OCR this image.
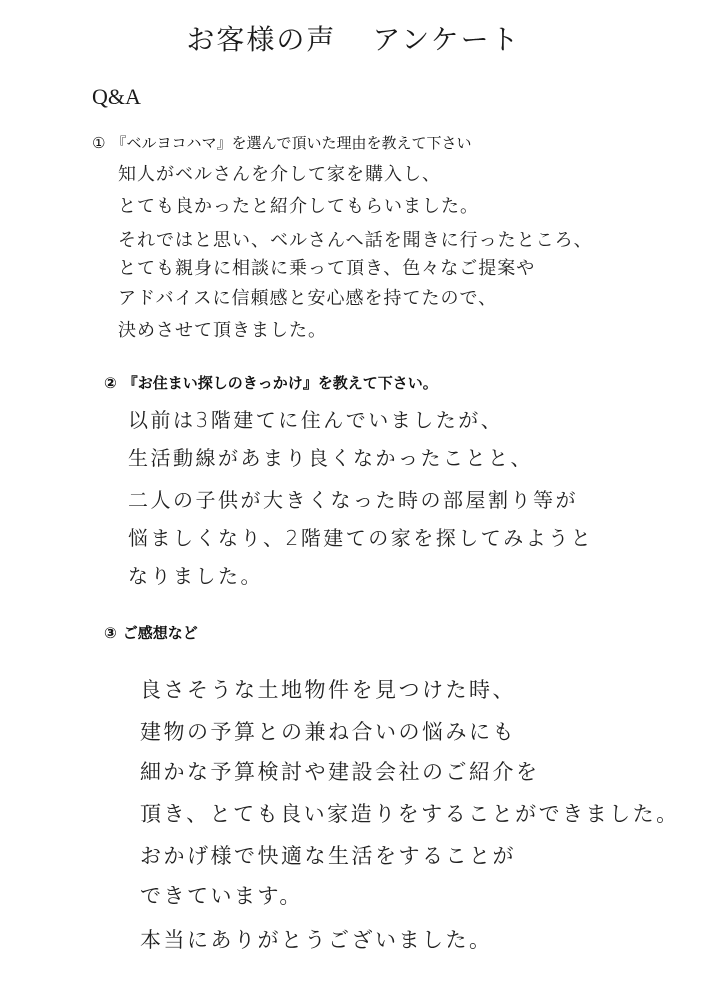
お客様の声 アンケート
Q&A
① 『ベルヨコハマ』を選んで頂いた理由を教えて下さい
知人がベルさんを介して家を購入し、
とても良かったと紹介してもらいました。
それではと思い、ベルさんへ話を聞きに行ったところ、
とても親身に相談に乗って頂き、色々なご提案や
アドバイスに信頼感と安心感を持てたので、
決めさせて頂きました。
② 『お住まい探しのきっかけ』を教えて下さい。
以前は3階建てに住んでいましたが、
生活動線があまり良くなかったことと、
二人の子供が大きくなった時の部屋割り等が
悩ましくなり、2階建ての家を探してみようと
なりました。
③ ご感想など
良さそうな土地物件を見つけた時、
建物の予算との兼ね合いの悩みにも
細かな予算検討や建設会社のご紹介を
頂き、とても良い家造りをすることができました。
おかげ様で快適な生活をすることが
できています。
本当にありがとうございました。
